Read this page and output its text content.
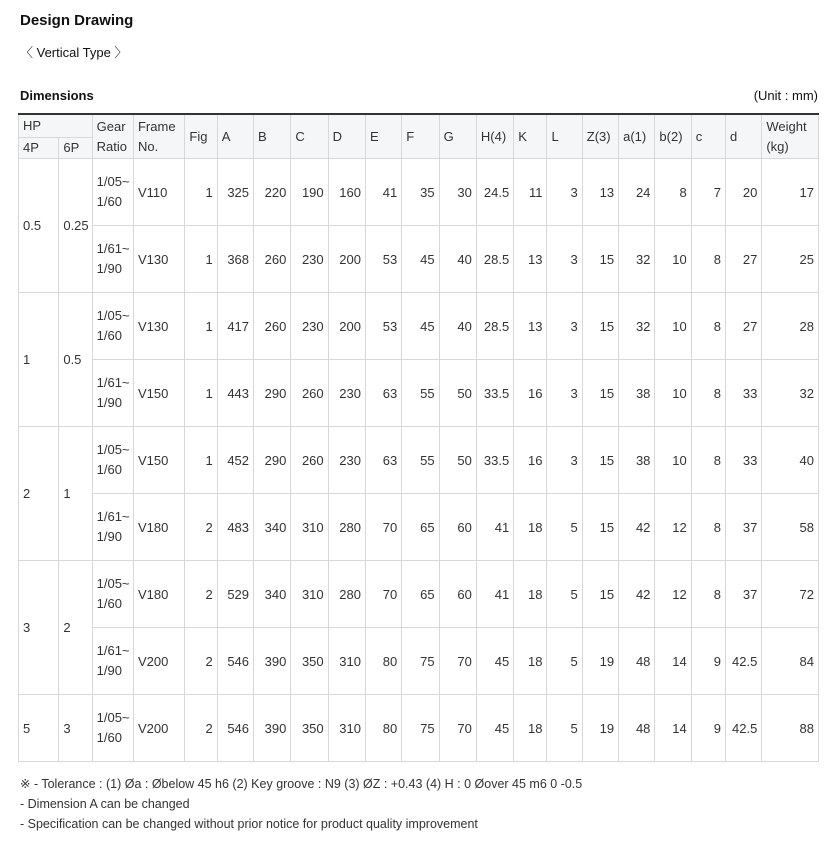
Design Drawing
〈 Vertical Type 〉
Dimensions	(Unit : mm)
HP		Gear Ratio	Frame No.	Fig	A	B	C	D	E	F	G	H(4)	K	L	Z(3)	a(1)	b(2)	c	d	Weight (kg)
4P	6P																			
0.5	0.25	1/05~1/60	V110	1	325	220	190	160	41	35	30	24.5	11	3	13	24	8	7	20	17
		1/61~1/90	V130	1	368	260	230	200	53	45	40	28.5	13	3	15	32	10	8	27	25
1	0.5	1/05~1/60	V130	1	417	260	230	200	53	45	40	28.5	13	3	15	32	10	8	27	28
		1/61~1/90	V150	1	443	290	260	230	63	55	50	33.5	16	3	15	38	10	8	33	32
2	1	1/05~1/60	V150	1	452	290	260	230	63	55	50	33.5	16	3	15	38	10	8	33	40
		1/61~1/90	V180	2	483	340	310	280	70	65	60	41	18	5	15	42	12	8	37	58
3	2	1/05~1/60	V180	2	529	340	310	280	70	65	60	41	18	5	15	42	12	8	37	72
		1/61~1/90	V200	2	546	390	350	310	80	75	70	45	18	5	19	48	14	9	42.5	84
5	3	1/05~1/60	V200	2	546	390	350	310	80	75	70	45	18	5	19	48	14	9	42.5	88
※ - Tolerance : (1) Øa : Øbelow 45 h6 (2) Key groove : N9 (3) ØZ : +0.43 (4) H : 0 Øover 45 m6 0 -0.5
- Dimension A can be changed
- Specification can be changed without prior notice for product quality improvement
